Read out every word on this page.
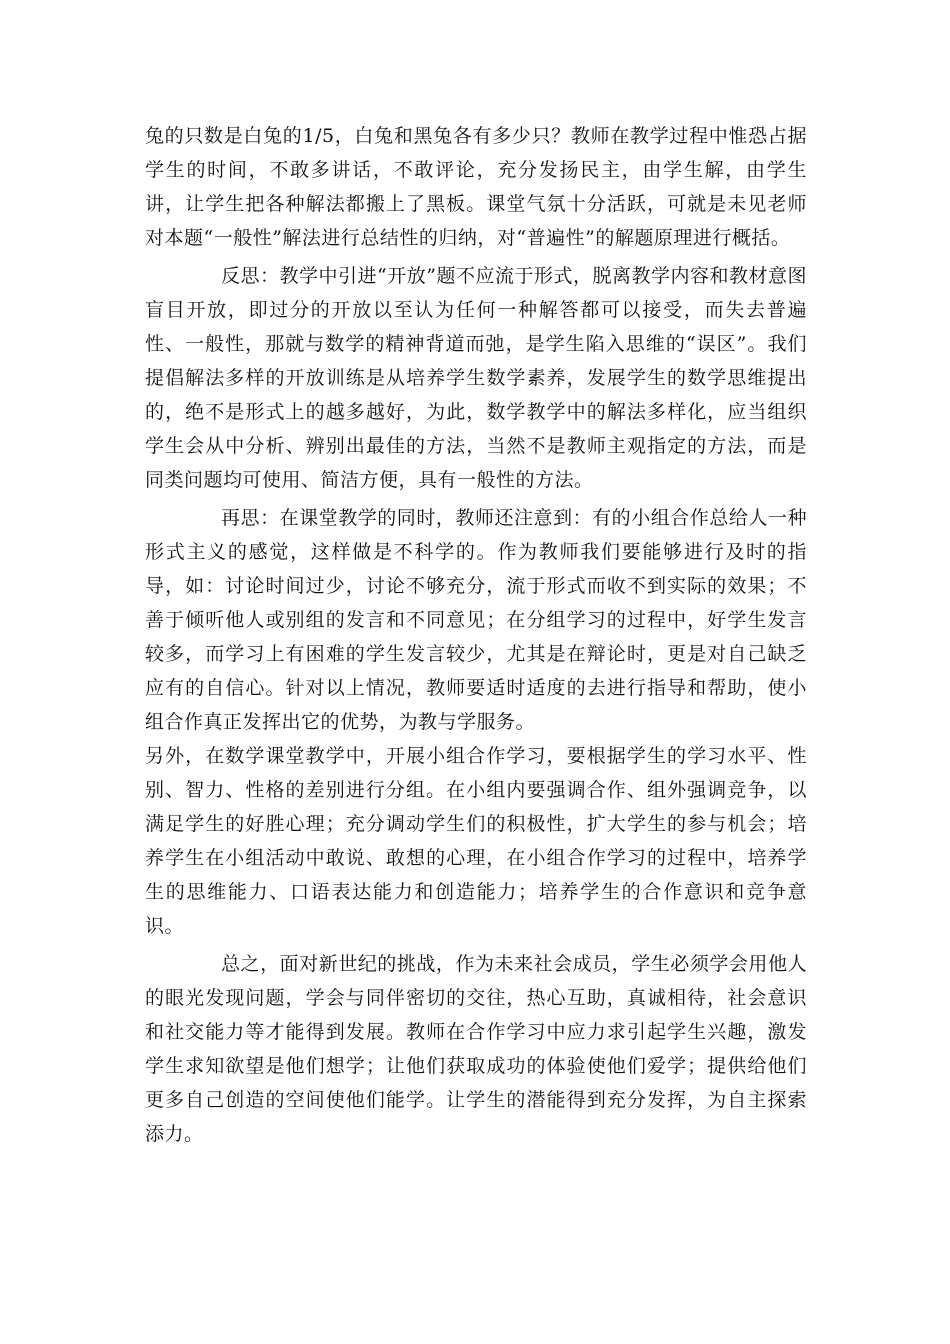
兔的只数是白兔的1/5，白兔和黑兔各有多少只？教师在教学过程中惟恐占据学生的时间，不敢多讲话，不敢评论，充分发扬民主，由学生解，由学生讲，让学生把各种解法都搬上了黑板。课堂气氛十分活跃，可就是未见老师对本题“一般性”解法进行总结性的归纳，对“普遍性”的解题原理进行概括。

反思：教学中引进“开放”题不应流于形式，脱离教学内容和教材意图盲目开放，即过分的开放以至认为任何一种解答都可以接受，而失去普遍性、一般性，那就与数学的精神背道而弛，是学生陷入思维的“误区”。我们提倡解法多样的开放训练是从培养学生数学素养，发展学生的数学思维提出的，绝不是形式上的越多越好，为此，数学教学中的解法多样化，应当组织学生会从中分析、辨别出最佳的方法，当然不是教师主观指定的方法，而是同类问题均可使用、简洁方便，具有一般性的方法。

再思：在课堂教学的同时，教师还注意到：有的小组合作总给人一种形式主义的感觉，这样做是不科学的。作为教师我们要能够进行及时的指导，如：讨论时间过少，讨论不够充分，流于形式而收不到实际的效果；不善于倾听他人或别组的发言和不同意见；在分组学习的过程中，好学生发言较多，而学习上有困难的学生发言较少，尤其是在辩论时，更是对自己缺乏应有的自信心。针对以上情况，教师要适时适度的去进行指导和帮助，使小组合作真正发挥出它的优势，为教与学服务。

另外，在数学课堂教学中，开展小组合作学习，要根据学生的学习水平、性别、智力、性格的差别进行分组。在小组内要强调合作、组外强调竞争，以满足学生的好胜心理；充分调动学生们的积极性，扩大学生的参与机会；培养学生在小组活动中敢说、敢想的心理，在小组合作学习的过程中，培养学生的思维能力、口语表达能力和创造能力；培养学生的合作意识和竞争意识。

总之，面对新世纪的挑战，作为未来社会成员，学生必须学会用他人的眼光发现问题，学会与同伴密切的交往，热心互助，真诚相待，社会意识和社交能力等才能得到发展。教师在合作学习中应力求引起学生兴趣，激发学生求知欲望是他们想学；让他们获取成功的体验使他们爱学；提供给他们更多自己创造的空间使他们能学。让学生的潜能得到充分发挥，为自主探索添力。
